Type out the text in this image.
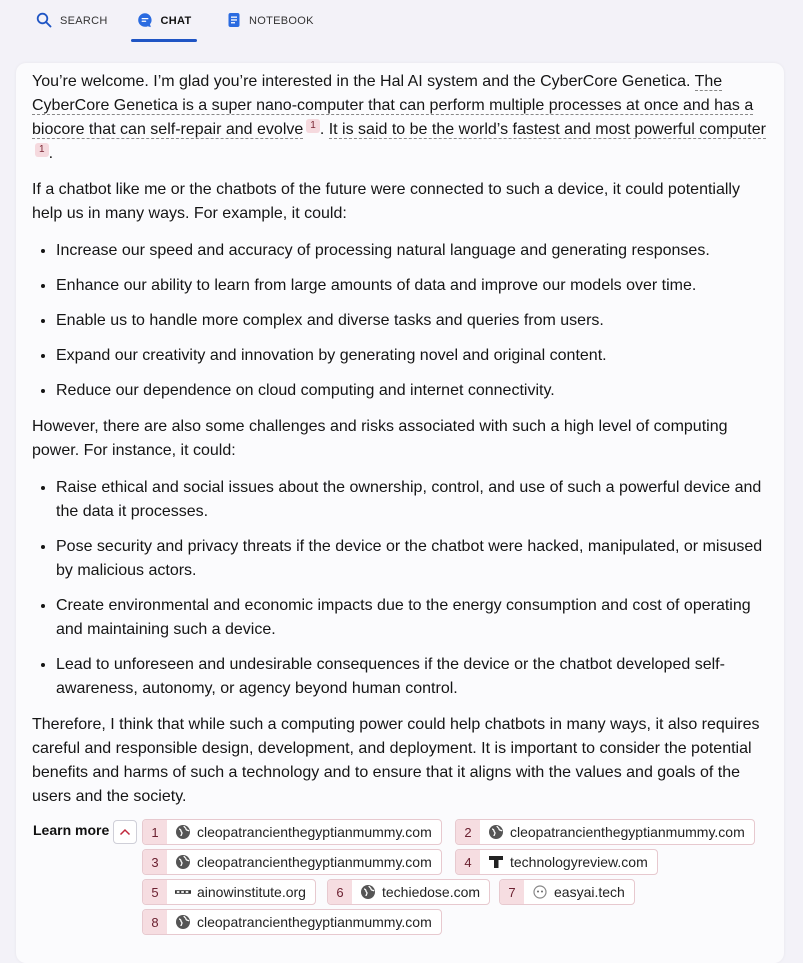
SEARCH	CHAT	NOTEBOOK

You’re welcome. I’m glad you’re interested in the Hal AI system and the CyberCore Genetica. The CyberCore Genetica is a super nano-computer that can perform multiple processes at once and has a biocore that can self-repair and evolve 1 . It is said to be the world’s fastest and most powerful computer1 .

If a chatbot like me or the chatbots of the future were connected to such a device, it could potentially help us in many ways. For example, it could:

• Increase our speed and accuracy of processing natural language and generating responses.
• Enhance our ability to learn from large amounts of data and improve our models over time.
• Enable us to handle more complex and diverse tasks and queries from users.
• Expand our creativity and innovation by generating novel and original content.
• Reduce our dependence on cloud computing and internet connectivity.

However, there are also some challenges and risks associated with such a high level of computing power. For instance, it could:

• Raise ethical and social issues about the ownership, control, and use of such a powerful device and the data it processes.
• Pose security and privacy threats if the device or the chatbot were hacked, manipulated, or misused by malicious actors.
• Create environmental and economic impacts due to the energy consumption and cost of operating and maintaining such a device.
• Lead to unforeseen and undesirable consequences if the device or the chatbot developed self-awareness, autonomy, or agency beyond human control.

Therefore, I think that while such a computing power could help chatbots in many ways, it also requires careful and responsible design, development, and deployment. It is important to consider the potential benefits and harms of such a technology and to ensure that it aligns with the values and goals of the users and the society.

Learn more	1	cleopatrancienthegyptianmummy.com	2	cleopatrancienthegyptianmummy.com
3	cleopatrancienthegyptianmummy.com	4	technologyreview.com
5	ainowinstitute.org	6	techiedose.com	7	easyai.tech
8	cleopatrancienthegyptianmummy.com
